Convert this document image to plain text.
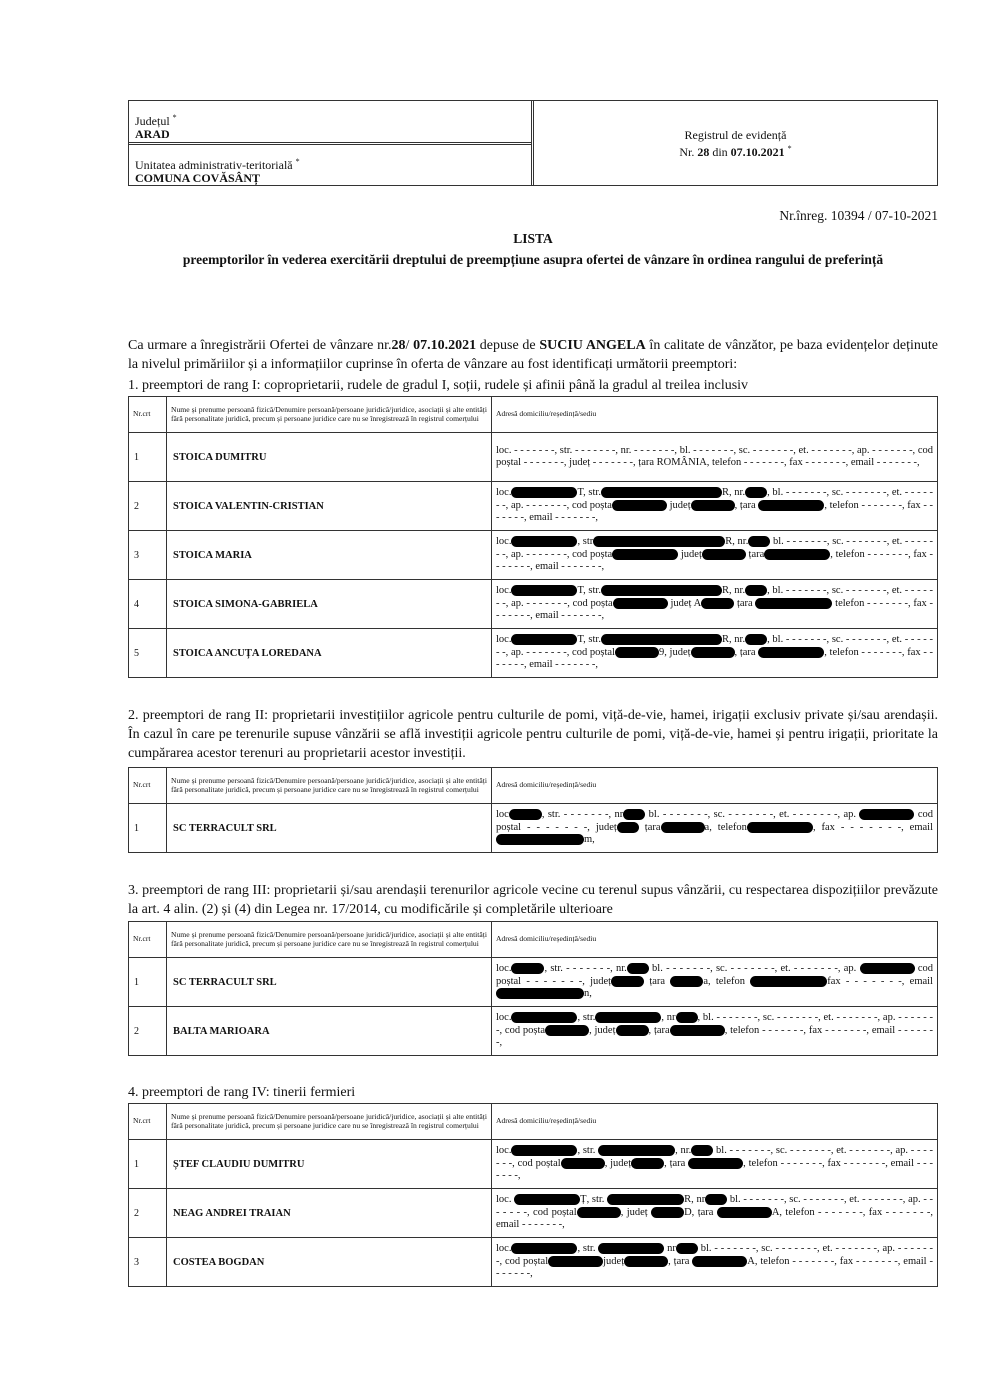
Județul *
ARAD
Unitatea administrativ-teritorială *
COMUNA COVĂSÂNȚ
Registrul de evidență
Nr. 28 din 07.10.2021 *
Nr.înreg. 10394 / 07-10-2021
LISTA
preemptorilor în vederea exercitării dreptului de preempțiune asupra ofertei de vânzare în ordinea rangului de preferință
Ca urmare a înregistrării Ofertei de vânzare nr.28/ 07.10.2021 depuse de SUCIU ANGELA în calitate de vânzător, pe baza evidențelor deținute la nivelul primăriilor și a informațiilor cuprinse în oferta de vânzare au fost identificați următorii preemptori:
1. preemptori de rang I: coproprietarii, rudele de gradul I, soții, rudele și afinii până la gradul al treilea inclusiv
Nr.crt	Nume și prenume persoană fizică/Denumire persoană/persoane juridică/juridice, asociații și alte entități fără personalitate juridică, precum și persoane juridice care nu se înregistrează în registrul comerțului	Adresă domiciliu/reședință/sediu
1	STOICA DUMITRU	loc. - - - - - - -, str. - - - - - - -, nr. - - - - - - -, bl. - - - - - - -, sc. - - - - - - -, et. - - - - - - -, ap. - - - - - - -, cod poștal - - - - - - -, județ - - - - - - -, țara ROMÂNIA, telefon - - - - - - -, fax - - - - - - -, email - - - - - - -,
2	STOICA VALENTIN-CRISTIAN	loc. T, str. R, nr. , bl. - - - - - - -, sc. - - - - - - -, et. - - - - - - -, ap. - - - - - - -, cod poșta județ , țara , telefon - - - - - - -, fax - - - - - - -, email - - - - - - -,
3	STOICA MARIA	loc. , str R, nr. bl. - - - - - - -, sc. - - - - - - -, et. - - - - - - -, ap. - - - - - - -, cod poșta județ țara , telefon - - - - - - -, fax - - - - - - -, email - - - - - - -,
4	STOICA SIMONA-GABRIELA	loc. T, str. R, nr. , bl. - - - - - - -, sc. - - - - - - -, et. - - - - - - -, ap. - - - - - - -, cod poșta județ A țara telefon - - - - - - -, fax - - - - - - -, email - - - - - - -,
5	STOICA ANCUȚA LOREDANA	loc. T, str. R, nr. , bl. - - - - - - -, sc. - - - - - - -, et. - - - - - - -, ap. - - - - - - -, cod poștal 9, județ , țara , telefon - - - - - - -, fax - - - - - - -, email - - - - - - -,
2. preemptori de rang II: proprietarii investițiilor agricole pentru culturile de pomi, viță-de-vie, hamei, irigații exclusiv private și/sau arendașii. În cazul în care pe terenurile supuse vânzării se află investiții agricole pentru culturile de pomi, viță-de-vie, hamei și pentru irigații, prioritate la cumpărarea acestor terenuri au proprietarii acestor investiții.
Nr.crt	Nume și prenume persoană fizică/Denumire persoană/persoane juridică/juridice, asociații și alte entități fără personalitate juridică, precum și persoane juridice care nu se înregistrează în registrul comerțului	Adresă domiciliu/reședință/sediu
1	SC TERRACULT SRL	loc , str. - - - - - - -, nr bl. - - - - - - -, sc. - - - - - - -, et. - - - - - - -, ap. cod poștal - - - - - - -, județ țara a, telefon , fax - - - - - - -, email m,
3. preemptori de rang III: proprietarii și/sau arendașii terenurilor agricole vecine cu terenul supus vânzării, cu respectarea dispozițiilor prevăzute la art. 4 alin. (2) și (4) din Legea nr. 17/2014, cu modificările și completările ulterioare
Nr.crt	Nume și prenume persoană fizică/Denumire persoană/persoane juridică/juridice, asociații și alte entități fără personalitate juridică, precum și persoane juridice care nu se înregistrează în registrul comerțului	Adresă domiciliu/reședință/sediu
1	SC TERRACULT SRL	loc. , str. - - - - - - -, nr. bl. - - - - - - -, sc. - - - - - - -, et. - - - - - - -, ap. cod poștal - - - - - - -, județ țara a, telefon fax - - - - - - -, email n,
2	BALTA MARIOARA	loc. , str. , nr , bl. - - - - - - -, sc. - - - - - - -, et. - - - - - - -, ap. - - - - - - -, cod poșta , județ , țara , telefon - - - - - - -, fax - - - - - - -, email - - - - - - -,
4. preemptori de rang IV: tinerii fermieri
Nr.crt	Nume și prenume persoană fizică/Denumire persoană/persoane juridică/juridice, asociații și alte entități fără personalitate juridică, precum și persoane juridice care nu se înregistrează în registrul comerțului	Adresă domiciliu/reședință/sediu
1	ȘTEF CLAUDIU DUMITRU	loc. , str. , nr. bl. - - - - - - -, sc. - - - - - - -, et. - - - - - - -, ap. - - - - - - -, cod poștal , județ , țara , telefon - - - - - - -, fax - - - - - - -, email - - - - - - -,
2	NEAG ANDREI TRAIAN	loc. Ț, str. R, nr bl. - - - - - - -, sc. - - - - - - -, et. - - - - - - -, ap. - - - - - - -, cod poștal , județ D, țara A, telefon - - - - - - -, fax - - - - - - -, email - - - - - - -,
3	COSTEA BOGDAN	loc. , str. nr bl. - - - - - - -, sc. - - - - - - -, et. - - - - - - -, ap. - - - - - - -, cod poștal județ , țara A, telefon - - - - - - -, fax - - - - - - -, email - - - - - - -,
